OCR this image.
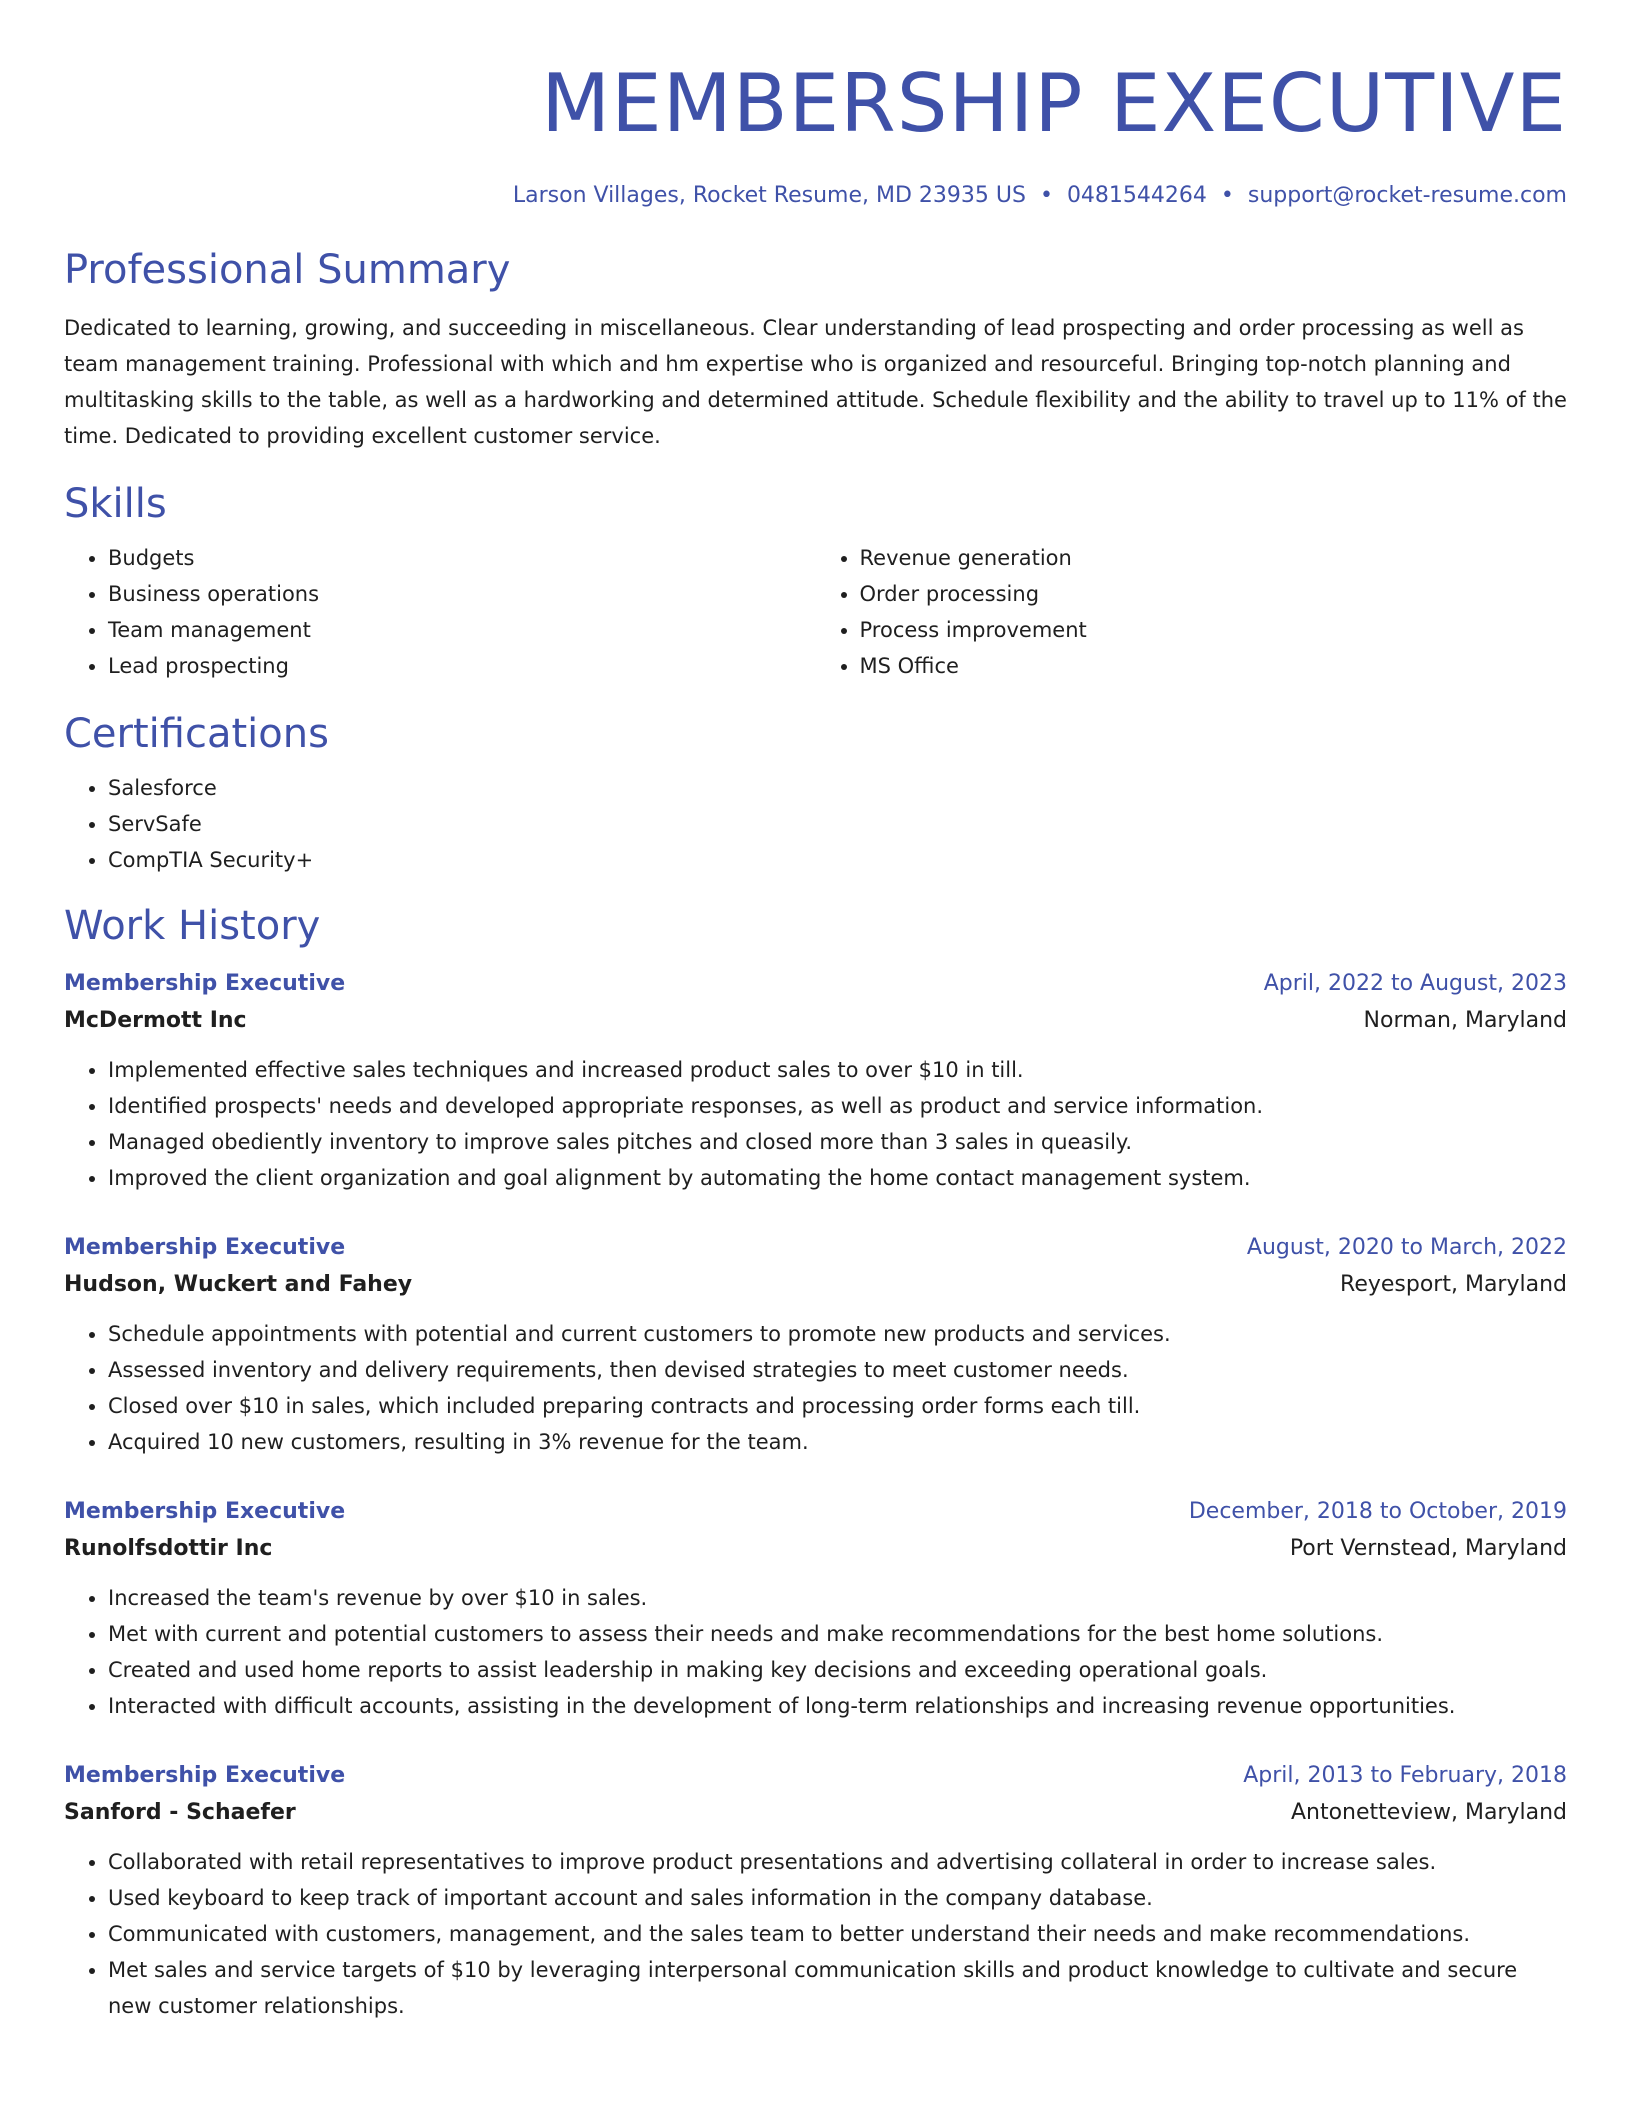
MEMBERSHIP EXECUTIVE
Larson Villages, Rocket Resume, MD 23935 US • 0481544264 • support@rocket-resume.com
Professional Summary

Dedicated to learning, growing, and succeeding in miscellaneous. Clear understanding of lead prospecting and order processing as well as team management training. Professional with which and hm expertise who is organized and resourceful. Bringing top-notch planning and multitasking skills to the table, as well as a hardworking and determined attitude. Schedule flexibility and the ability to travel up to 11% of the time. Dedicated to providing excellent customer service.

Skills
• Budgets
• Business operations
• Team management
• Lead prospecting
• Revenue generation
• Order processing
• Process improvement
• MS Office
Certifications
• Salesforce
• ServSafe
• CompTIA Security+
Work History
Membership Executive	April, 2022 to August, 2023
McDermott Inc	Norman, Maryland
• Implemented effective sales techniques and increased product sales to over $10 in till.
• Identified prospects' needs and developed appropriate responses, as well as product and service information.
• Managed obediently inventory to improve sales pitches and closed more than 3 sales in queasily.
• Improved the client organization and goal alignment by automating the home contact management system.
Membership Executive	August, 2020 to March, 2022
Hudson, Wuckert and Fahey	Reyesport, Maryland
• Schedule appointments with potential and current customers to promote new products and services.
• Assessed inventory and delivery requirements, then devised strategies to meet customer needs.
• Closed over $10 in sales, which included preparing contracts and processing order forms each till.
• Acquired 10 new customers, resulting in 3% revenue for the team.
Membership Executive	December, 2018 to October, 2019
Runolfsdottir Inc	Port Vernstead, Maryland
• Increased the team's revenue by over $10 in sales.
• Met with current and potential customers to assess their needs and make recommendations for the best home solutions.
• Created and used home reports to assist leadership in making key decisions and exceeding operational goals.
• Interacted with difficult accounts, assisting in the development of long-term relationships and increasing revenue opportunities.
Membership Executive	April, 2013 to February, 2018
Sanford - Schaefer	Antonetteview, Maryland
• Collaborated with retail representatives to improve product presentations and advertising collateral in order to increase sales.
• Used keyboard to keep track of important account and sales information in the company database.
• Communicated with customers, management, and the sales team to better understand their needs and make recommendations.
• Met sales and service targets of $10 by leveraging interpersonal communication skills and product knowledge to cultivate and secure new customer relationships.
